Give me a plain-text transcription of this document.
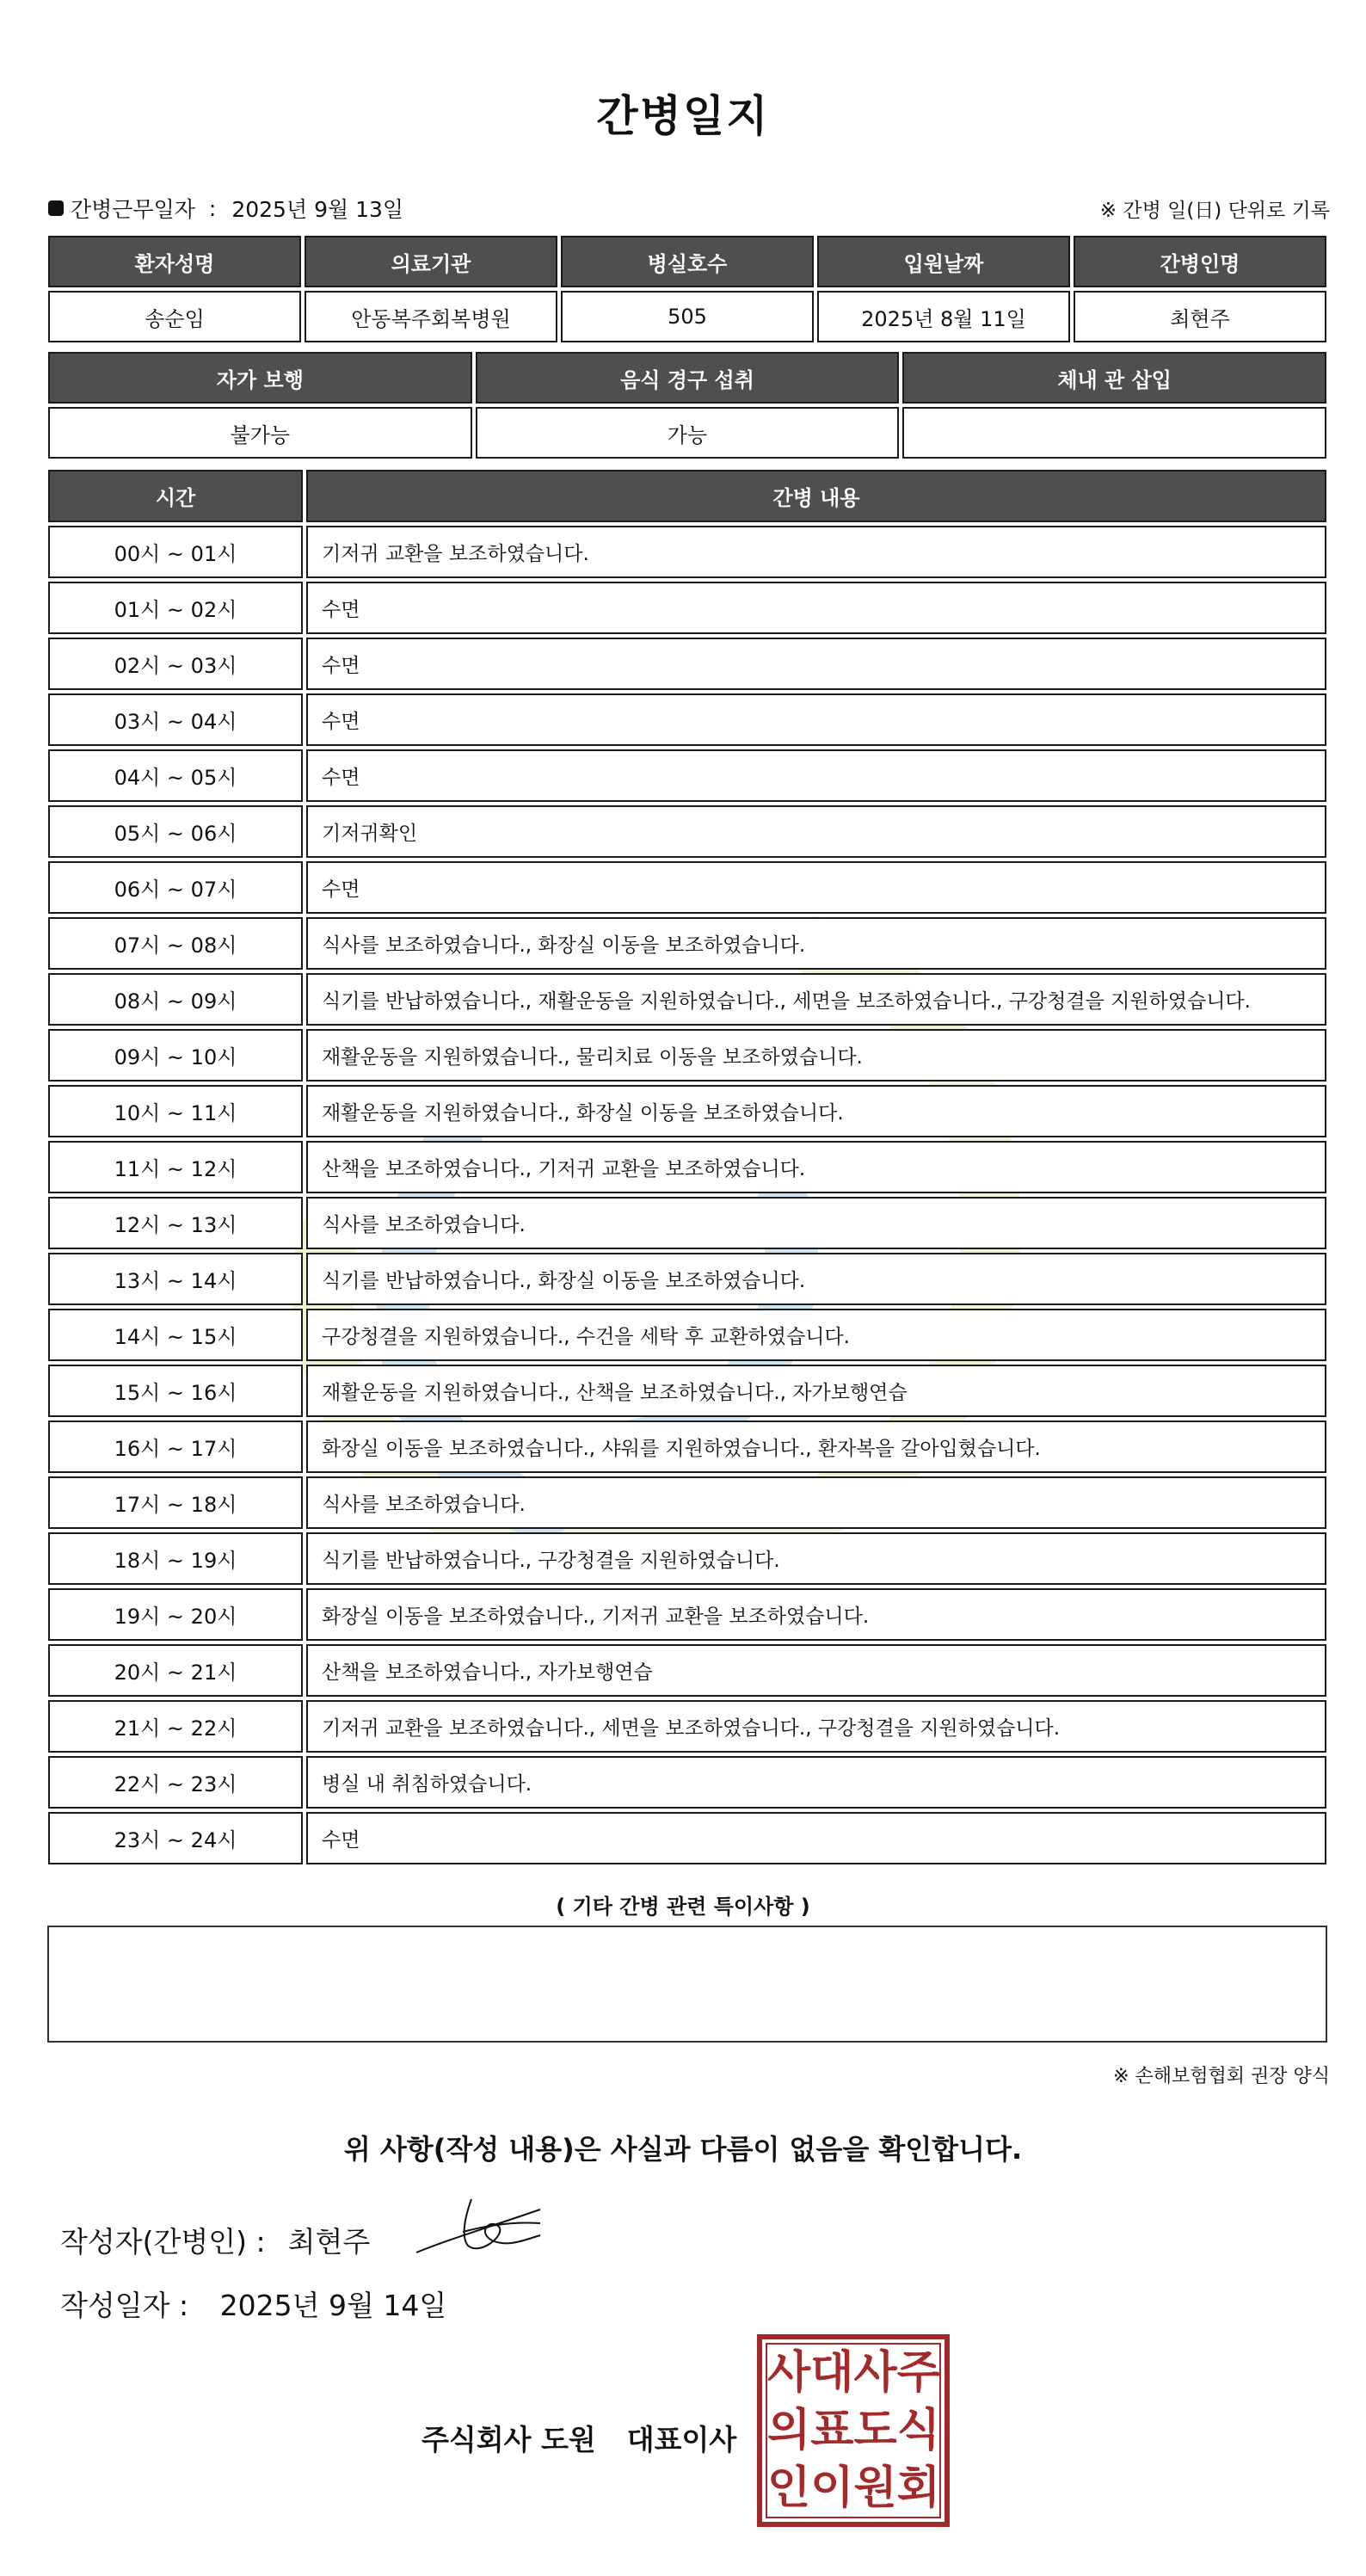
간병일지
간병근무일자 : 2025년 9월 13일	※ 간병 일(日) 단위로 기록
환자성명	의료기관	병실호수	입원날짜	간병인명
송순임	안동복주회복병원	505	2025년 8월 11일	최현주
자가 보행	음식 경구 섭취	체내 관 삽입
불가능	가능	
시간	간병 내용
00시 ~ 01시	기저귀 교환을 보조하였습니다.
01시 ~ 02시	수면
02시 ~ 03시	수면
03시 ~ 04시	수면
04시 ~ 05시	수면
05시 ~ 06시	기저귀확인
06시 ~ 07시	수면
07시 ~ 08시	식사를 보조하였습니다., 화장실 이동을 보조하였습니다.
08시 ~ 09시	식기를 반납하였습니다., 재활운동을 지원하였습니다., 세면을 보조하였습니다., 구강청결을 지원하였습니다.
09시 ~ 10시	재활운동을 지원하였습니다., 물리치료 이동을 보조하였습니다.
10시 ~ 11시	재활운동을 지원하였습니다., 화장실 이동을 보조하였습니다.
11시 ~ 12시	산책을 보조하였습니다., 기저귀 교환을 보조하였습니다.
12시 ~ 13시	식사를 보조하였습니다.
13시 ~ 14시	식기를 반납하였습니다., 화장실 이동을 보조하였습니다.
14시 ~ 15시	구강청결을 지원하였습니다., 수건을 세탁 후 교환하였습니다.
15시 ~ 16시	재활운동을 지원하였습니다., 산책을 보조하였습니다., 자가보행연습
16시 ~ 17시	화장실 이동을 보조하였습니다., 샤워를 지원하였습니다., 환자복을 갈아입혔습니다.
17시 ~ 18시	식사를 보조하였습니다.
18시 ~ 19시	식기를 반납하였습니다., 구강청결을 지원하였습니다.
19시 ~ 20시	화장실 이동을 보조하였습니다., 기저귀 교환을 보조하였습니다.
20시 ~ 21시	산책을 보조하였습니다., 자가보행연습
21시 ~ 22시	기저귀 교환을 보조하였습니다., 세면을 보조하였습니다., 구강청결을 지원하였습니다.
22시 ~ 23시	병실 내 취침하였습니다.
23시 ~ 24시	수면
( 기타 간병 관련 특이사항 )
※ 손해보험협회 권장 양식
위 사항(작성 내용)은 사실과 다름이 없음을 확인합니다.
작성자(간병인) : 최현주
작성일자 : 2025년 9월 14일
주식회사 도원 대표이사
사 대 사 주
의 표 도 식
인 이 원 회
